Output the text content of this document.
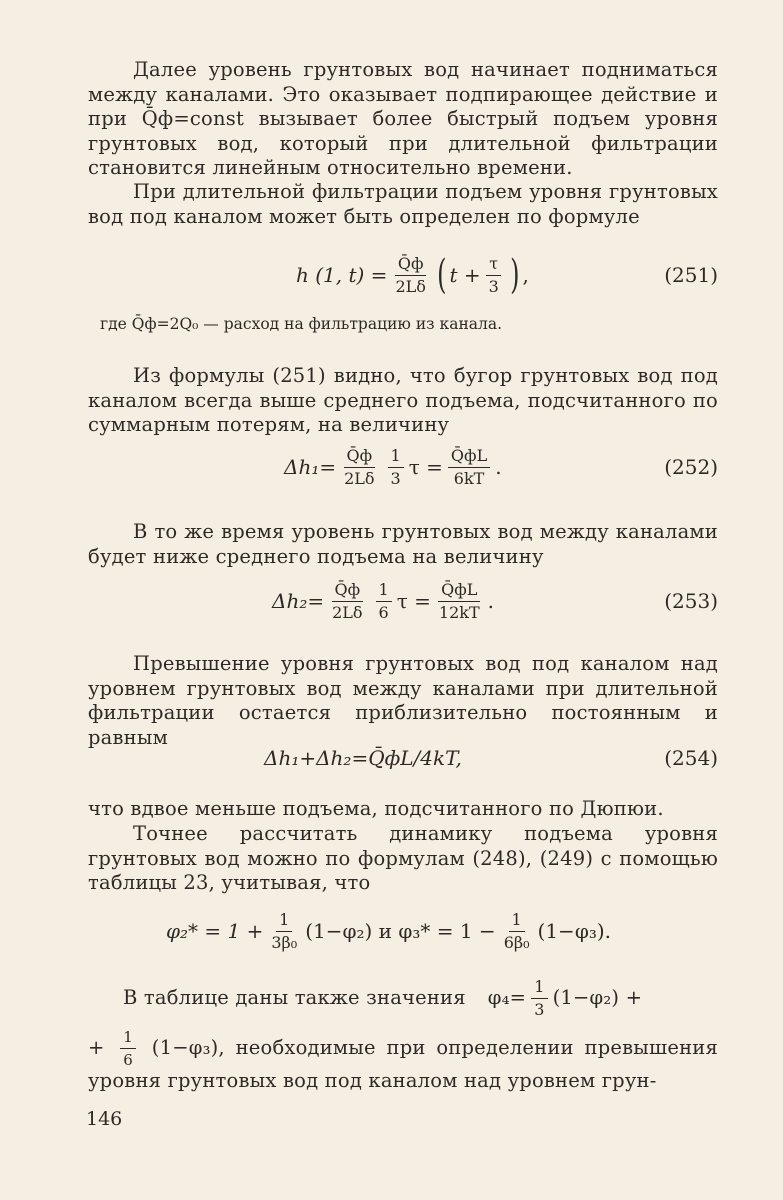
Далее уровень грунтовых вод начинает подниматься между каналами. Это оказывает подпирающее действие и при Q̄ф=const вызывает более быстрый подъем уровня грунтовых вод, который при длительной фильтрации становится линейным относительно времени.

При длительной фильтрации подъем уровня грунтовых вод под каналом может быть определен по формуле

h (1, $t) = \frac{Q̄ф}{2L\delta}$ ( $t + \frac{\tau}{3}$ ) ,	(251)

где Q̄ф=2Q₀ — расход на фильтрацию из канала.

Из формулы (251) видно, что бугор грунтовых вод под каналом всегда выше среднего подъема, подсчитанного по суммарным потерям, на величину

$\Delta h_1= \frac{Q̄ф}{2L\delta} \frac{1}{3}$ $\tau = \frac{Q̄фL}{6kT}$ .	(252)

В то же время уровень грунтовых вод между каналами будет ниже среднего подъема на величину

$\Delta h_2= \frac{Q̄ф}{2L\delta} \frac{1}{6}$ $\tau = \frac{Q̄фL}{12kT}$ .	(253)

Превышение уровня грунтовых вод под каналом над уровнем грунтовых вод между каналами при длительной фильтрации остается приблизительно постоянным и равным

Δh₁+Δh₂=Q̄фL/4kT,	(254)

что вдвое меньше подъема, подсчитанного по Дюпюи.

Точнее рассчитать динамику подъема уровня грунтовых вод можно по формулам (248), (249) с помощью таблицы 23, учитывая, что

$\varphi_2* = 1 + \frac{1}{\text{3β₀}} (1-\varphi_2)$ и $\varphi_3* = 1 - \frac{1}{\text{6β₀}} (1-\varphi_3)$.
В таблице даны также значения $\varphi_4= \frac{1}{3} (1-\varphi_2)$ +
+ $\frac{1}{6} (1-\varphi_3)$, необходимые при определении превышения уровня грунтовых вод под каналом над уровнем грун-
146
